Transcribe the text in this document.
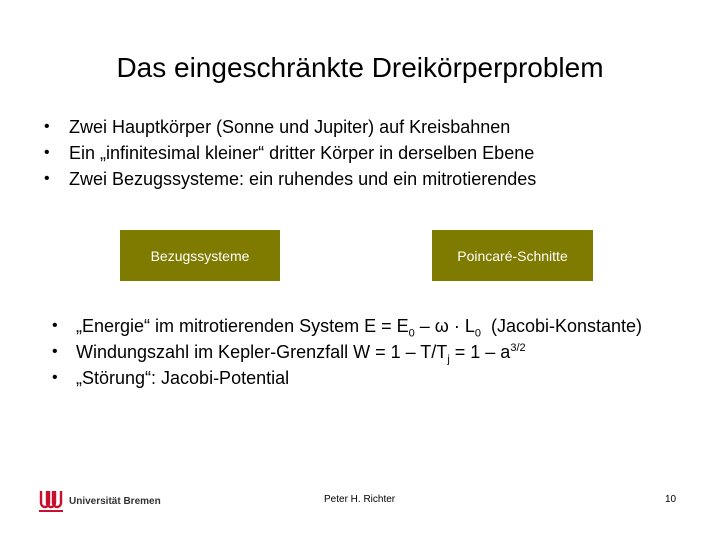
Das eingeschränkte Dreikörperproblem
• Zwei Hauptkörper (Sonne und Jupiter) auf Kreisbahnen
• Ein „infinitesimal kleiner“ dritter Körper in derselben Ebene
• Zwei Bezugssysteme: ein ruhendes und ein mitrotierendes
Bezugssysteme	Poincaré-Schnitte
• „Energie“ im mitrotierenden System $E = E_0 - \omega \cdot L_0$  (Jacobi-Konstante)
• Windungszahl im Kepler-Grenzfall $W = 1 - T/T_j = 1 - a^{3/2}$
• „Störung“: Jacobi-Potential
Universität Bremen	Peter H. Richter	10
